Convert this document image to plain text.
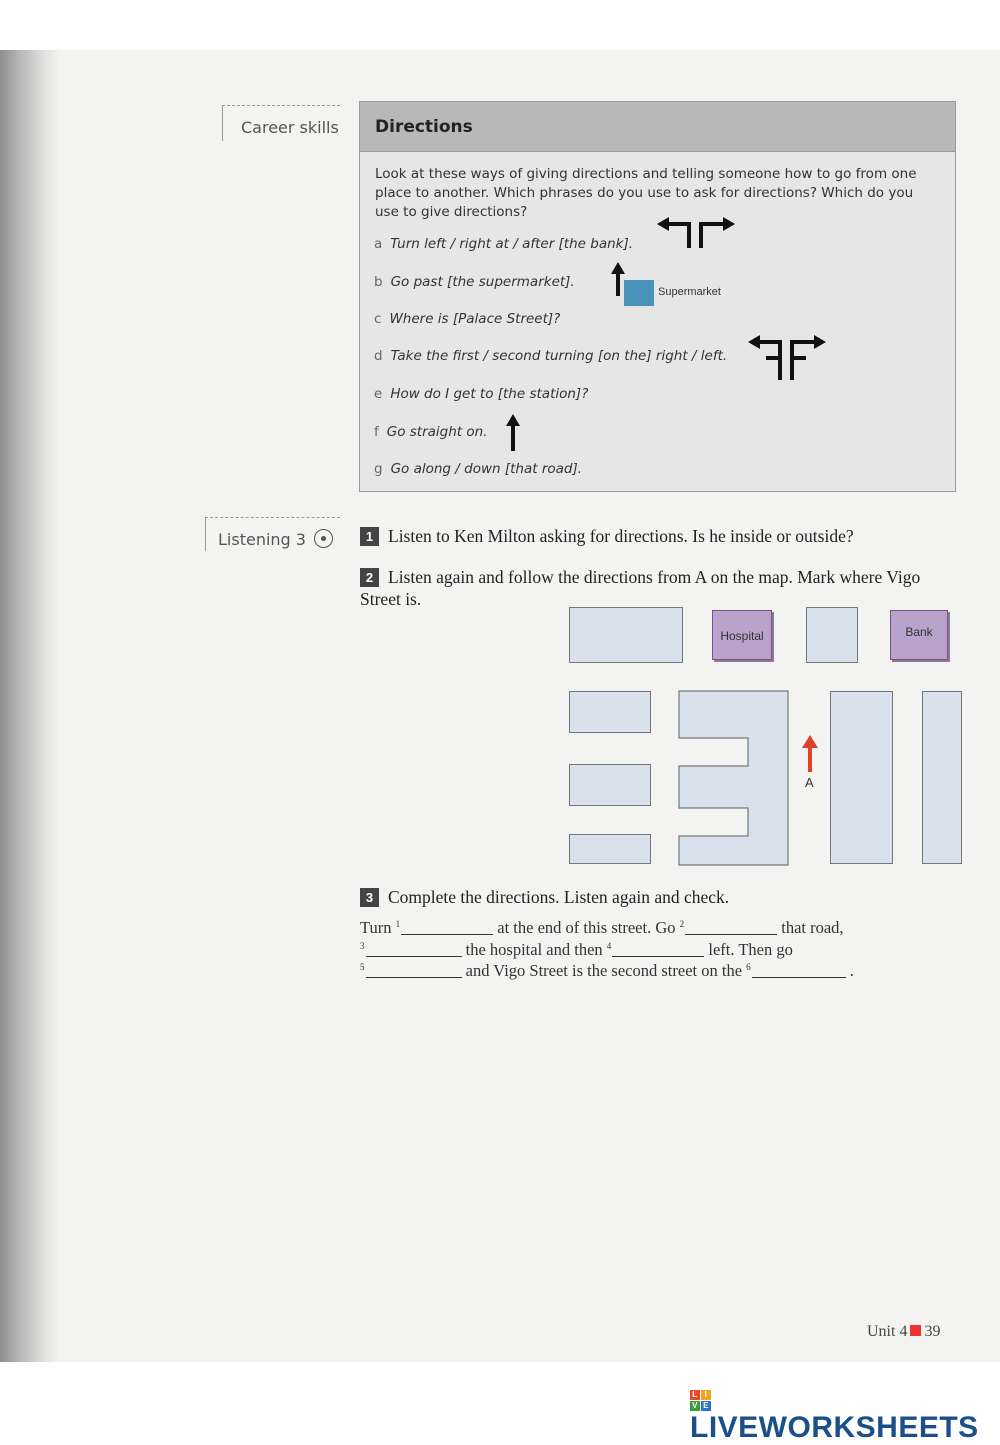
Career skills	Directions
Look at these ways of giving directions and telling someone how to go from one place to another. Which phrases do you use to ask for directions? Which do you use to give directions?
a Turn left / right at / after [the bank].
b Go past [the supermarket].
c Where is [Palace Street]?
d Take the first / second turning [on the] right / left.
e How do I get to [the station]?
f Go straight on.
g Go along / down [that road].
Supermarket
Listening 3	1 Listen to Ken Milton asking for directions. Is he inside or outside?
2 Listen again and follow the directions from A on the map. Mark where Vigo Street is.
Hospital	Bank
A
3 Complete the directions. Listen again and check.
Turn $^1$	at the end of this street. Go $^2$	that road,
$^3$	the hospital and then $^4$	left. Then go
$^5$	and Vigo Street is the second street on the $^6$	.
Unit 4 39
L I
V E
LIVEWORKSHEETS
